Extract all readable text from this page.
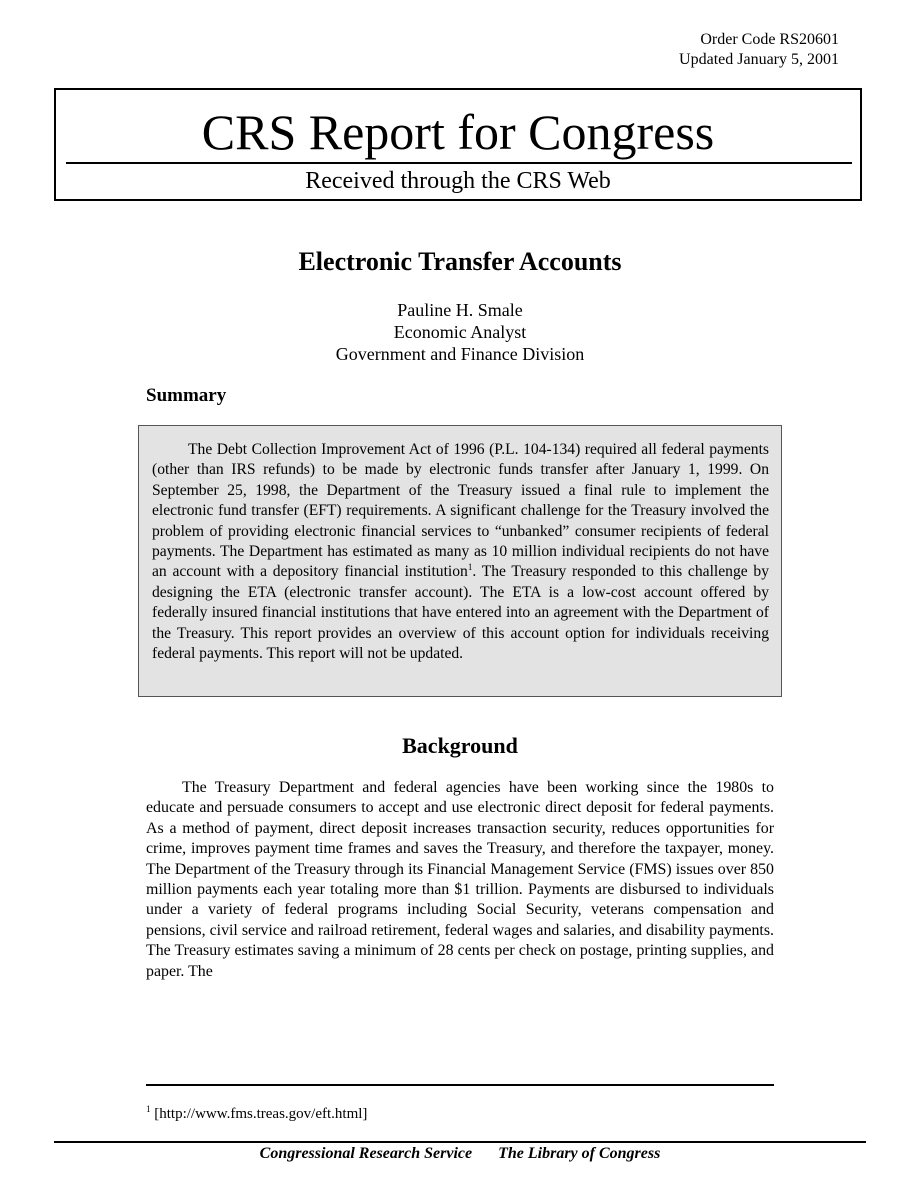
Order Code RS20601
Updated January 5, 2001
CRS Report for Congress
Received through the CRS Web
Electronic Transfer Accounts
Pauline H. Smale
Economic Analyst
Government and Finance Division
Summary

The Debt Collection Improvement Act of 1996 (P.L. 104-134) required all federal payments (other than IRS refunds) to be made by electronic funds transfer after January 1, 1999. On September 25, 1998, the Department of the Treasury issued a final rule to implement the electronic fund transfer (EFT) requirements. A significant challenge for the Treasury involved the problem of providing electronic financial services to “unbanked” consumer recipients of federal payments. The Department has estimated as many as 10 million individual recipients do not have an account with a depository financial institution$^1$. The Treasury responded to this challenge by designing the ETA (electronic transfer account). The ETA is a low-cost account offered by federally insured financial institutions that have entered into an agreement with the Department of the Treasury. This report provides an overview of this account option for individuals receiving federal payments. This report will not be updated.

Background

The Treasury Department and federal agencies have been working since the 1980s to educate and persuade consumers to accept and use electronic direct deposit for federal payments. As a method of payment, direct deposit increases transaction security, reduces opportunities for crime, improves payment time frames and saves the Treasury, and therefore the taxpayer, money. The Department of the Treasury through its Financial Management Service (FMS) issues over 850 million payments each year totaling more than $1 trillion. Payments are disbursed to individuals under a variety of federal programs including Social Security, veterans compensation and pensions, civil service and railroad retirement, federal wages and salaries, and disability payments. The Treasury estimates saving a minimum of 28 cents per check on postage, printing supplies, and paper. The

$^1$ [http://www.fms.treas.gov/eft.html]
Congressional Research Service The Library of Congress
